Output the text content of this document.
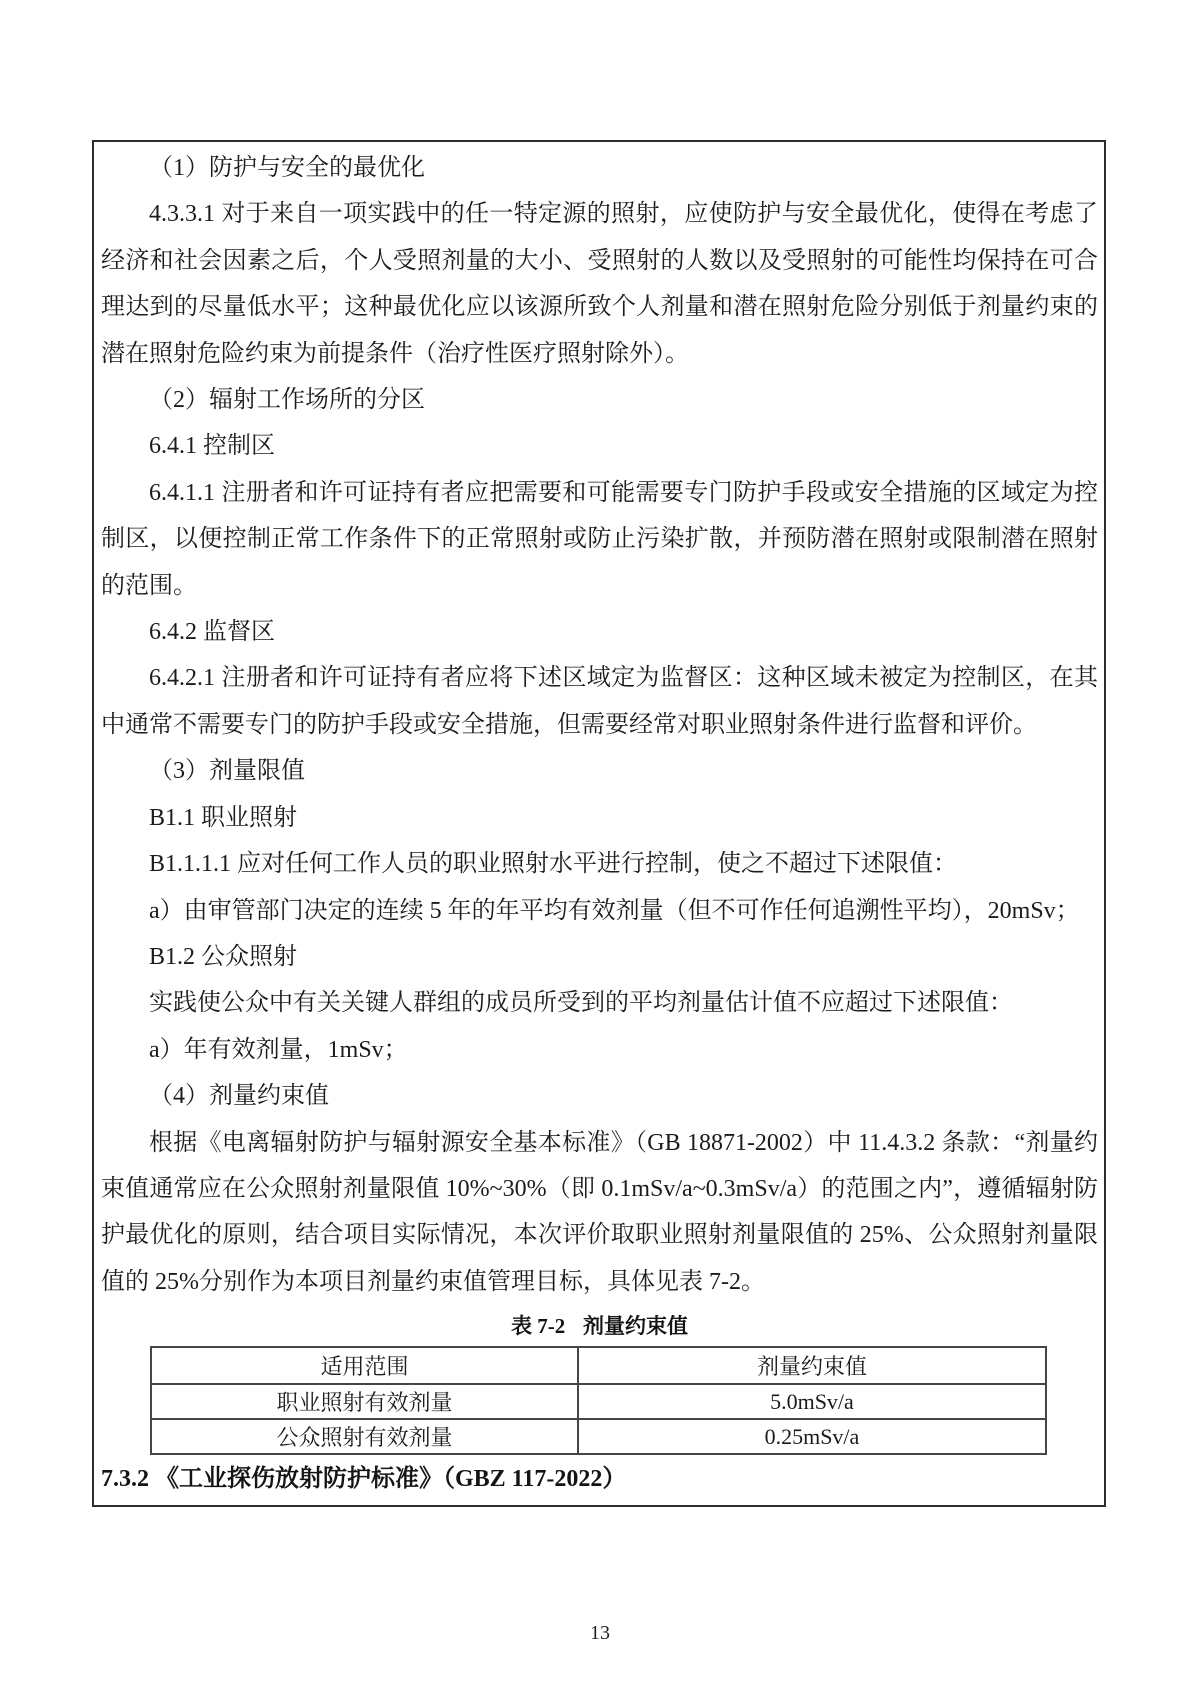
（1）防护与安全的最优化

4.3.3.1 对于来自一项实践中的任一特定源的照射，应使防护与安全最优化，使得在考虑了经济和社会因素之后，个人受照剂量的大小、受照射的人数以及受照射的可能性均保持在可合理达到的尽量低水平；这种最优化应以该源所致个人剂量和潜在照射危险分别低于剂量约束的潜在照射危险约束为前提条件（治疗性医疗照射除外）。

（2）辐射工作场所的分区

6.4.1 控制区

6.4.1.1 注册者和许可证持有者应把需要和可能需要专门防护手段或安全措施的区域定为控制区，以便控制正常工作条件下的正常照射或防止污染扩散，并预防潜在照射或限制潜在照射的范围。

6.4.2 监督区

6.4.2.1 注册者和许可证持有者应将下述区域定为监督区：这种区域未被定为控制区，在其中通常不需要专门的防护手段或安全措施，但需要经常对职业照射条件进行监督和评价。

（3）剂量限值

B1.1 职业照射

B1.1.1.1 应对任何工作人员的职业照射水平进行控制，使之不超过下述限值：

a）由审管部门决定的连续 5 年的年平均有效剂量（但不可作任何追溯性平均），20mSv；

B1.2 公众照射

实践使公众中有关关键人群组的成员所受到的平均剂量估计值不应超过下述限值：

a）年有效剂量，1mSv；

（4）剂量约束值

根据《电离辐射防护与辐射源安全基本标准》（GB 18871-2002）中 11.4.3.2 条款：“剂量约束值通常应在公众照射剂量限值 10%~30%（即 0.1mSv/a~0.3mSv/a）的范围之内”，遵循辐射防护最优化的原则，结合项目实际情况，本次评价取职业照射剂量限值的 25%、公众照射剂量限值的 25%分别作为本项目剂量约束值管理目标，具体见表 7-2。

表 7-2 剂量约束值
适用范围	剂量约束值
职业照射有效剂量	5.0mSv/a
公众照射有效剂量	0.25mSv/a
7.3.2 《工业探伤放射防护标准》（GBZ 117-2022）
13
